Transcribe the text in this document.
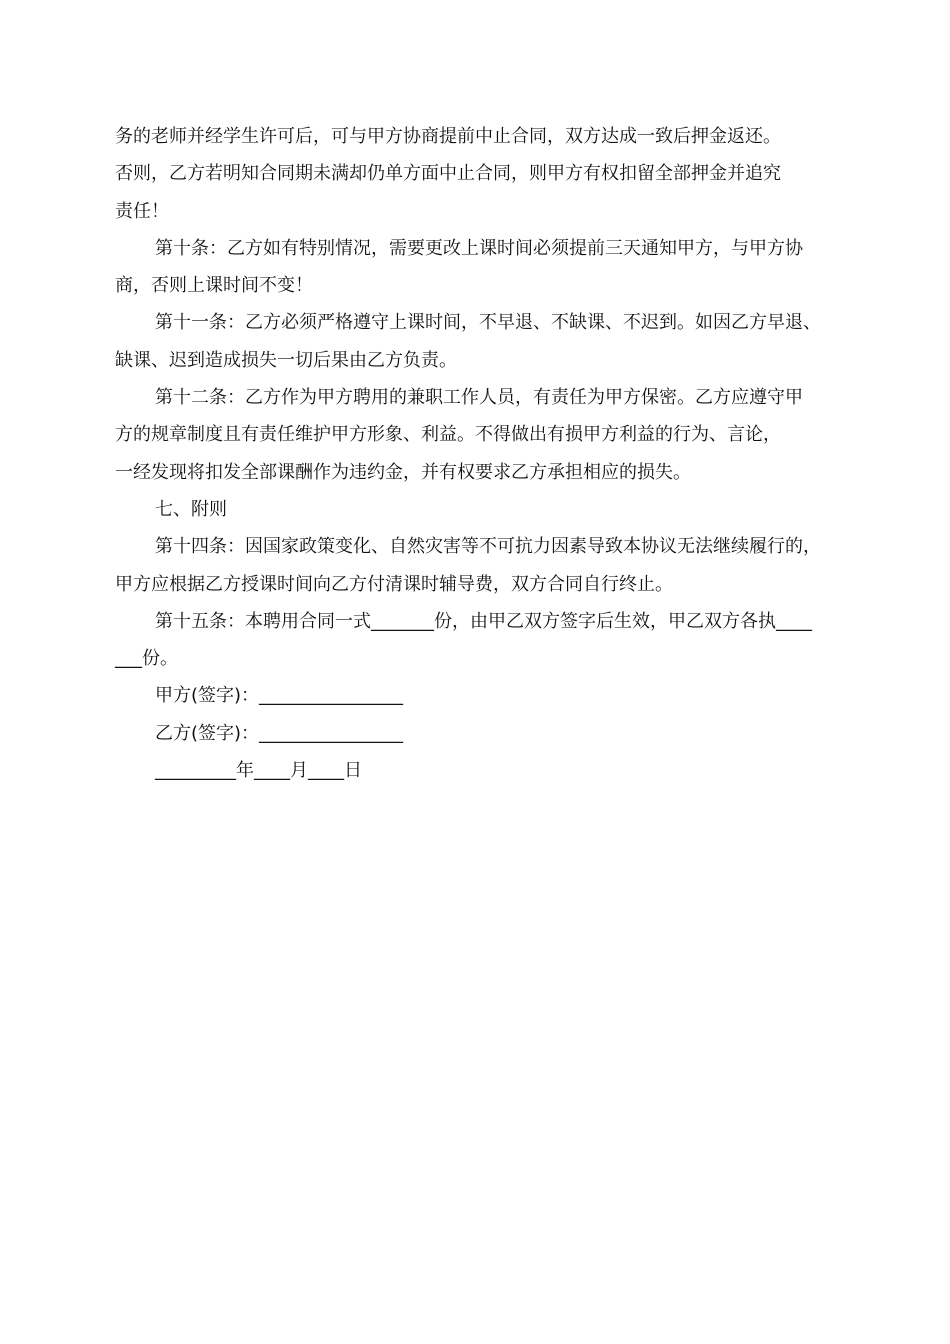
务的老师并经学生许可后，可与甲方协商提前中止合同，双方达成一致后押金返还。
否则，乙方若明知合同期未满却仍单方面中止合同，则甲方有权扣留全部押金并追究
责任！
第十条：乙方如有特别情况，需要更改上课时间必须提前三天通知甲方，与甲方协
商，否则上课时间不变！
第十一条：乙方必须严格遵守上课时间，不早退、不缺课、不迟到。如因乙方早退、
缺课、迟到造成损失一切后果由乙方负责。
第十二条：乙方作为甲方聘用的兼职工作人员，有责任为甲方保密。乙方应遵守甲
方的规章制度且有责任维护甲方形象、利益。不得做出有损甲方利益的行为、言论，
一经发现将扣发全部课酬作为违约金，并有权要求乙方承担相应的损失。
七、附则
第十四条：因国家政策变化、自然灾害等不可抗力因素导致本协议无法继续履行的，
甲方应根据乙方授课时间向乙方付清课时辅导费，双方合同自行终止。
第十五条：本聘用合同一式_______份，由甲乙双方签字后生效，甲乙双方各执____
___份。
甲方(签字)：________________
乙方(签字)：________________
_________年____月____日
